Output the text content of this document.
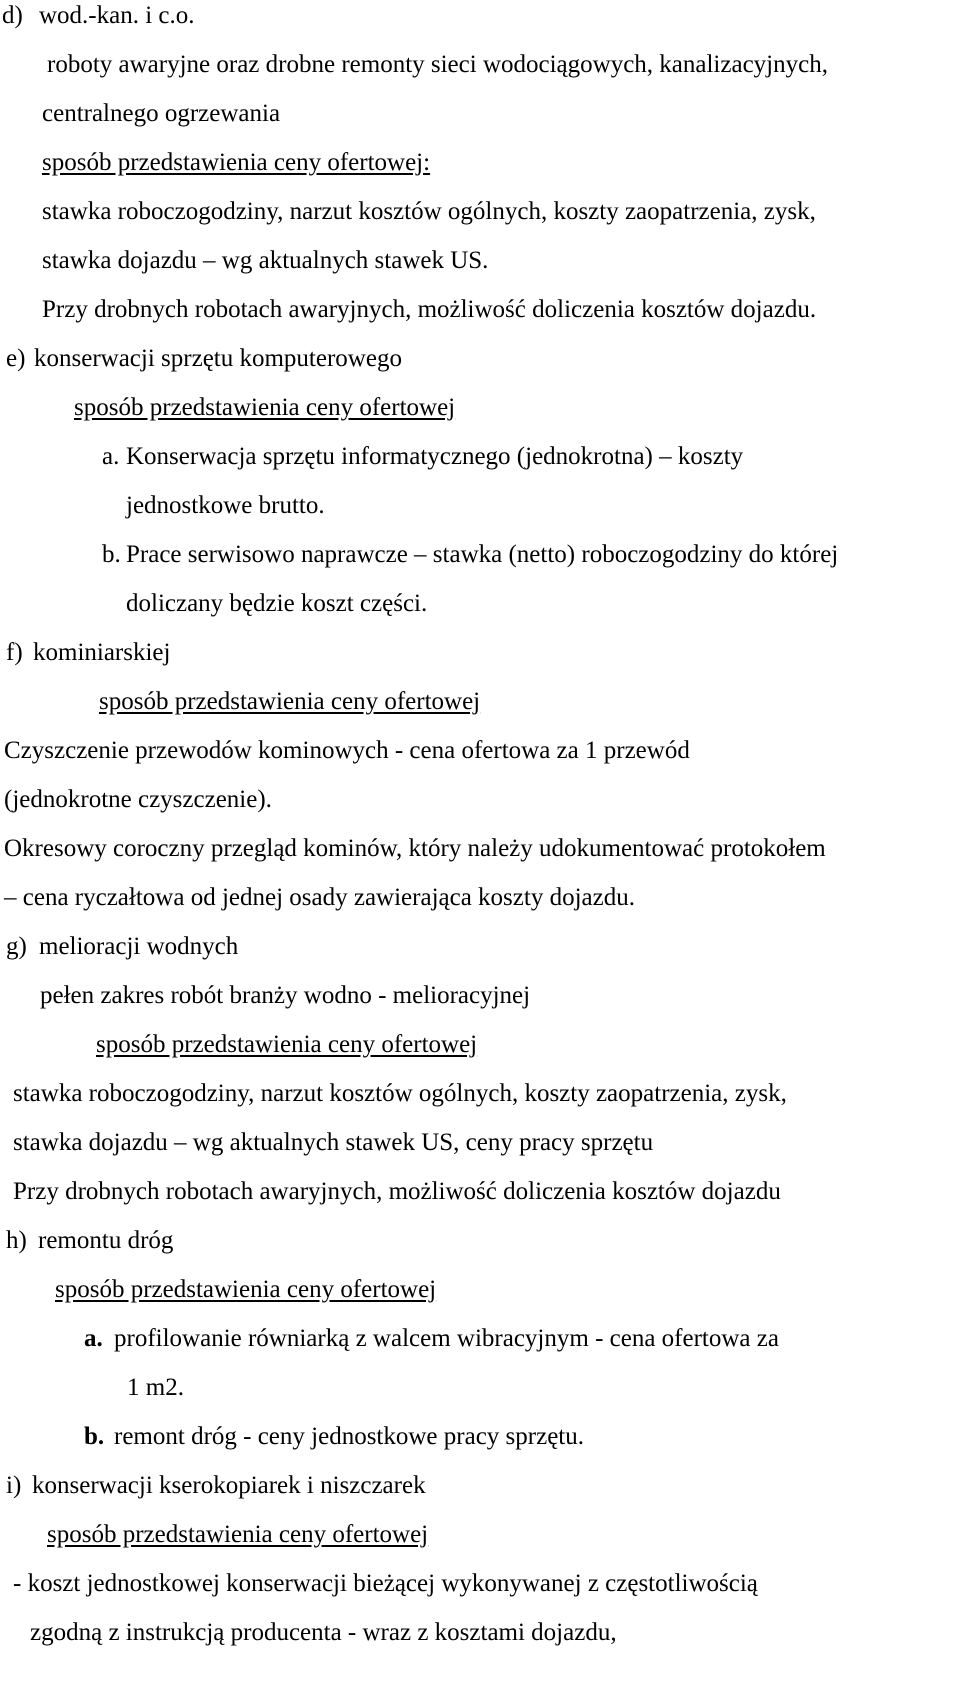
d) wod.-kan. i c.o.
roboty awaryjne oraz drobne remonty sieci wodociągowych, kanalizacyjnych,
centralnego ogrzewania
sposób przedstawienia ceny ofertowej:
stawka roboczogodziny, narzut kosztów ogólnych, koszty zaopatrzenia, zysk,
stawka dojazdu – wg aktualnych stawek US.
Przy drobnych robotach awaryjnych, możliwość doliczenia kosztów dojazdu.
e) konserwacji sprzętu komputerowego
sposób przedstawienia ceny ofertowej
a. Konserwacja sprzętu informatycznego (jednokrotna) – koszty
jednostkowe brutto.
b. Prace serwisowo naprawcze – stawka (netto) roboczogodziny do której
doliczany będzie koszt części.
f) kominiarskiej
sposób przedstawienia ceny ofertowej
Czyszczenie przewodów kominowych - cena ofertowa za 1 przewód
(jednokrotne czyszczenie).
Okresowy coroczny przegląd kominów, który należy udokumentować protokołem
– cena ryczałtowa od jednej osady zawierająca koszty dojazdu.
g) melioracji wodnych
pełen zakres robót branży wodno - melioracyjnej
sposób przedstawienia ceny ofertowej
stawka roboczogodziny, narzut kosztów ogólnych, koszty zaopatrzenia, zysk,
stawka dojazdu – wg aktualnych stawek US, ceny pracy sprzętu
Przy drobnych robotach awaryjnych, możliwość doliczenia kosztów dojazdu
h) remontu dróg
sposób przedstawienia ceny ofertowej
a. profilowanie równiarką z walcem wibracyjnym - cena ofertowa za
1 m2.
b. remont dróg - ceny jednostkowe pracy sprzętu.
i) konserwacji kserokopiarek i niszczarek
sposób przedstawienia ceny ofertowej
- koszt jednostkowej konserwacji bieżącej wykonywanej z częstotliwością
zgodną z instrukcją producenta - wraz z kosztami dojazdu,
